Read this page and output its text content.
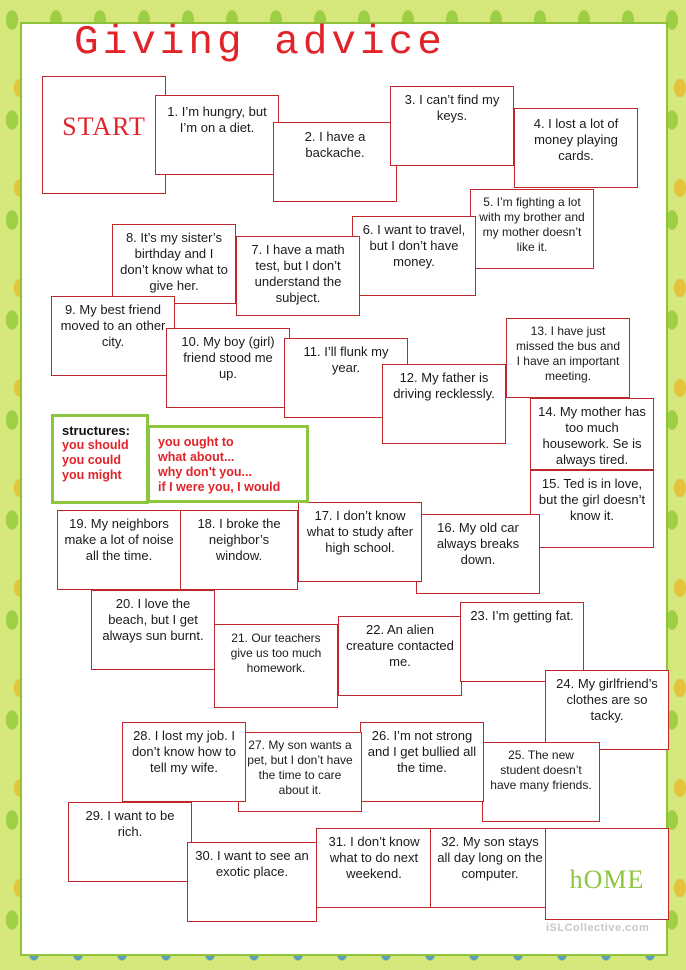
Giving advice
START
1. I’m hungry, but I’m on a diet.
2. I have a backache.
3. I can’t find my keys.
4. I lost a lot of money playing cards.
5. I’m fighting a lot with my brother and my mother doesn’t like it.
6. I want to travel, but I don’t have money.
7. I have a math test, but I don’t understand the subject.
8. It’s my sister’s birthday and I don’t know what to give her.
9. My best friend moved to an other city.	10. My boy (girl) friend stood me up.
11. I’ll flunk my year.
12. My father is driving recklessly.
13. I have just missed the bus and I have an important meeting.
14. My mother has too much housework. Se is always tired.
15. Ted is in love, but the girl doesn’t know it.
16. My old car always breaks down.
17. I don’t know what to study after high school.
18. I broke the neighbor’s window.
19. My neighbors make a lot of noise all the time.
20. I love the beach, but I get always sun burnt.	21. Our teachers give us too much homework.
22. An alien creature contacted me.
23. I’m getting fat.
24. My girlfriend’s clothes are so tacky.
25. The new student doesn’t have many friends.
26. I’m not strong and I get bullied all the time.
27. My son wants a pet, but I don’t have the time to care about it.
28. I lost my job. I don’t know how to tell my wife.
29. I want to be rich.
30. I want to see an exotic place.
31. I don’t know what to do next weekend.
32. My son stays all day long on the computer.	hOME
structures:
you should
you could
you might
you ought to
what about...
why don't you...
if I were you, I would
iSLCollective.com
